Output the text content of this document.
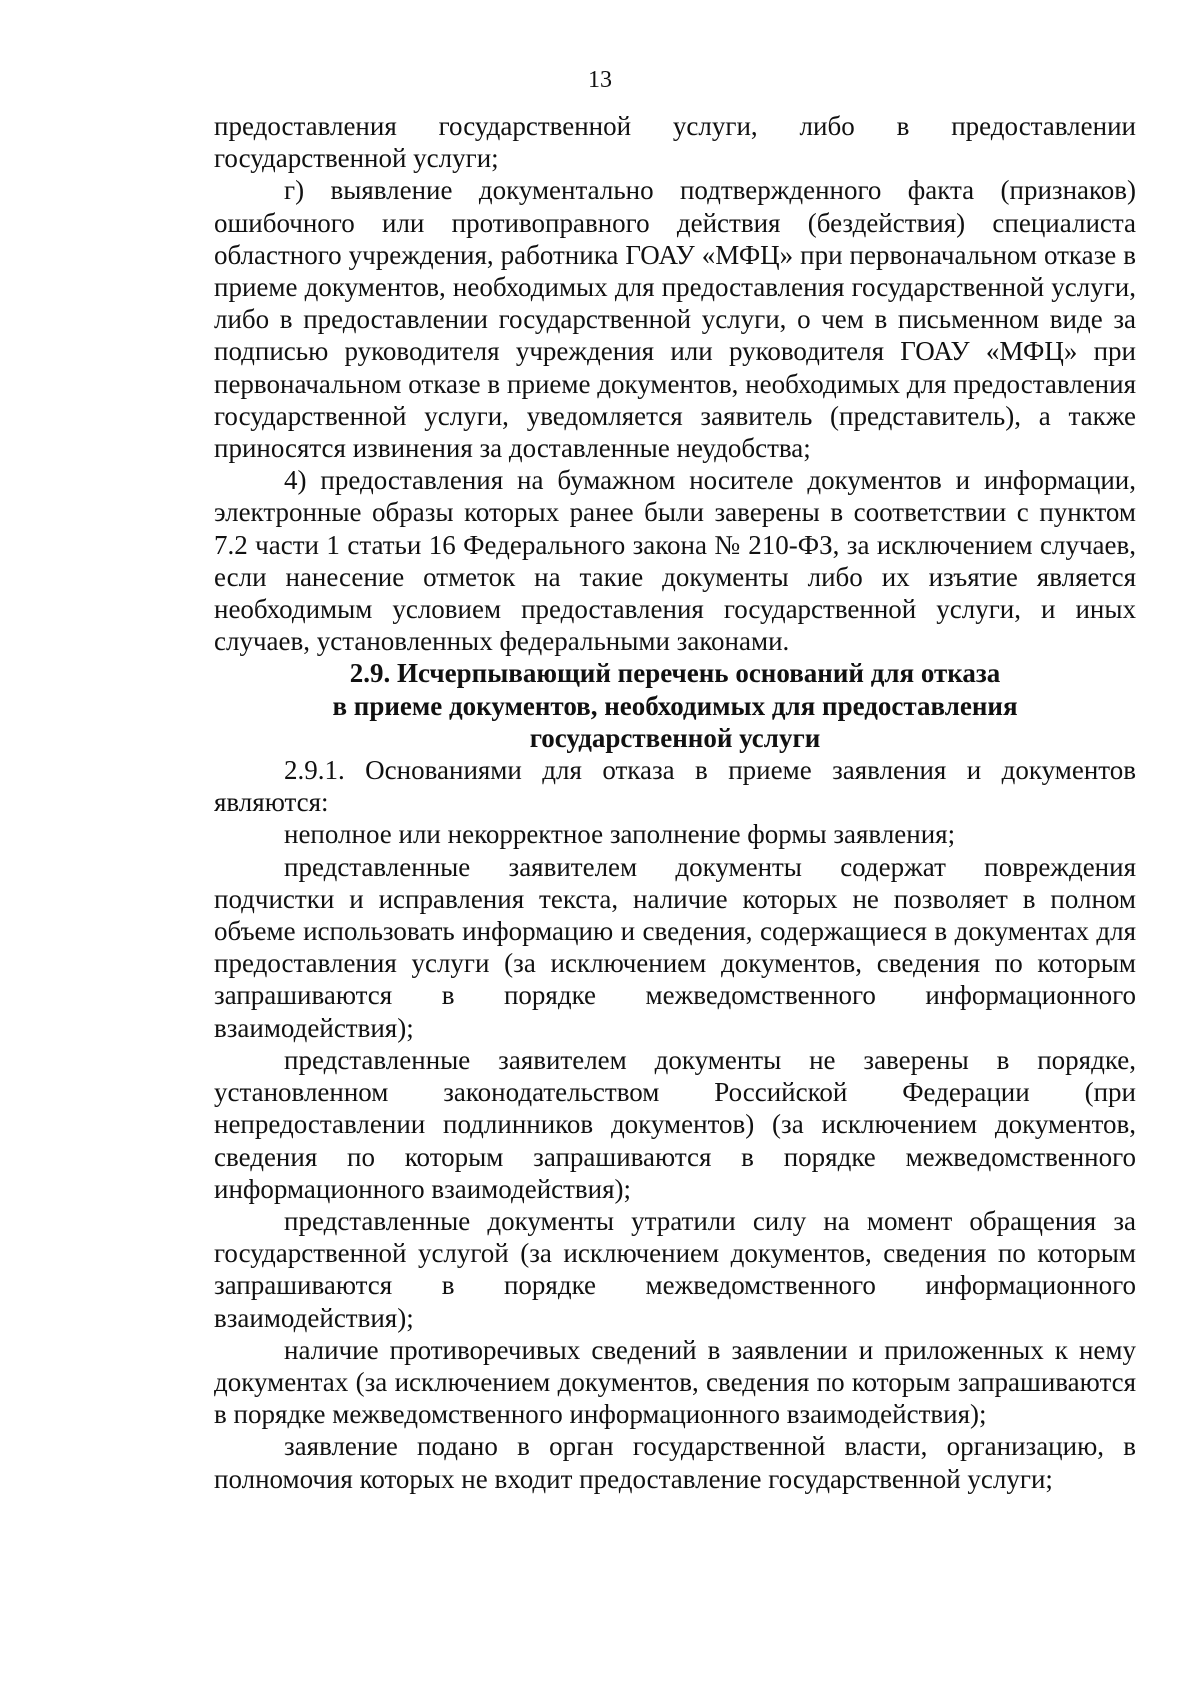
13

предоставления государственной услуги, либо в предоставлении государственной услуги;

г) выявление документально подтвержденного факта (признаков) ошибочного или противоправного действия (бездействия) специалиста областного учреждения, работника ГОАУ «МФЦ» при первоначальном отказе в приеме документов, необходимых для предоставления государственной услуги, либо в предоставлении государственной услуги, о чем в письменном виде за подписью руководителя учреждения или руководителя ГОАУ «МФЦ» при первоначальном отказе в приеме документов, необходимых для предоставления государственной услуги, уведомляется заявитель (представитель), а также приносятся извинения за доставленные неудобства;

4) предоставления на бумажном носителе документов и информации, электронные образы которых ранее были заверены в соответствии с пунктом 7.2 части 1 статьи 16 Федерального закона № 210-ФЗ, за исключением случаев, если нанесение отметок на такие документы либо их изъятие является необходимым условием предоставления государственной услуги, и иных случаев, установленных федеральными законами.

2.9. Исчерпывающий перечень оснований для отказа
в приеме документов, необходимых для предоставления
государственной услуги

2.9.1. Основаниями для отказа в приеме заявления и документов являются:

неполное или некорректное заполнение формы заявления;

представленные заявителем документы содержат повреждения подчистки и исправления текста, наличие которых не позволяет в полном объеме использовать информацию и сведения, содержащиеся в документах для предоставления услуги (за исключением документов, сведения по которым запрашиваются в порядке межведомственного информационного взаимодействия);

представленные заявителем документы не заверены в порядке, установленном законодательством Российской Федерации (при непредоставлении подлинников документов) (за исключением документов, сведения по которым запрашиваются в порядке межведомственного информационного взаимодействия);

представленные документы утратили силу на момент обращения за государственной услугой (за исключением документов, сведения по которым запрашиваются в порядке межведомственного информационного взаимодействия);

наличие противоречивых сведений в заявлении и приложенных к нему документах (за исключением документов, сведения по которым запрашиваются в порядке межведомственного информационного взаимодействия);

заявление подано в орган государственной власти, организацию, в полномочия которых не входит предоставление государственной услуги;
